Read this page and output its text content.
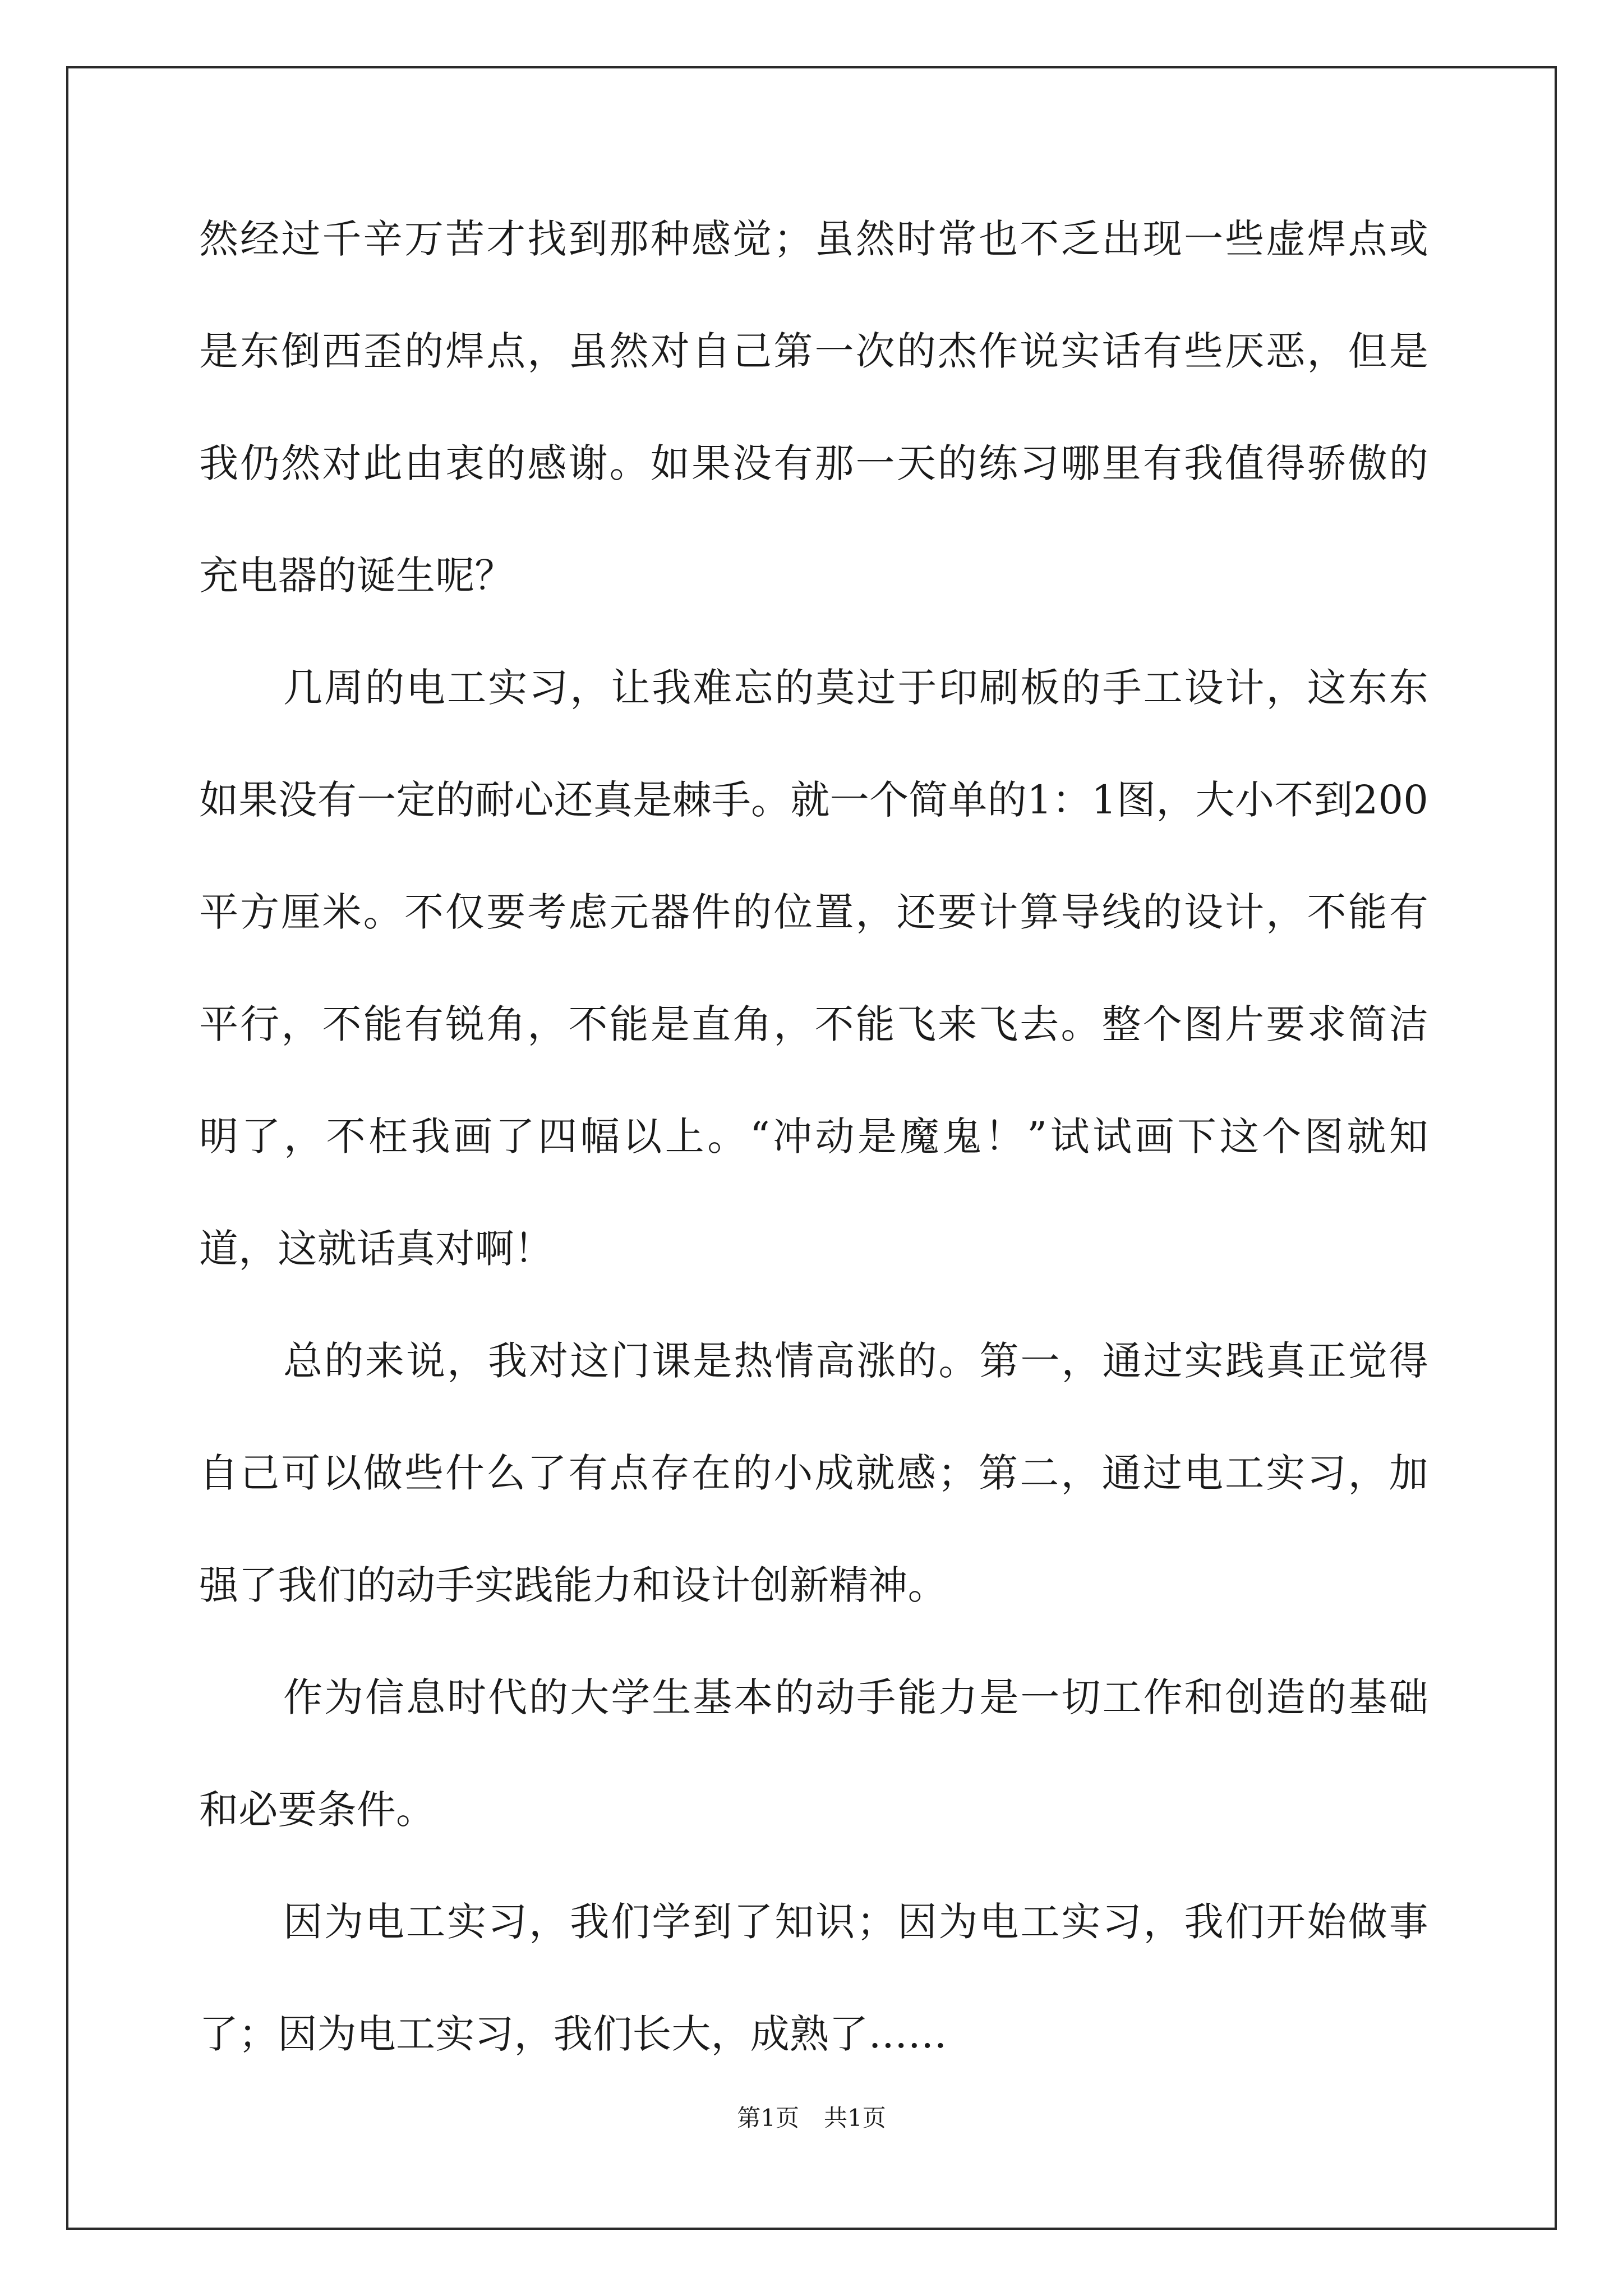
然经过千辛万苦才找到那种感觉；虽然时常也不乏出现一些虚焊点或
是东倒西歪的焊点，虽然对自己第一次的杰作说实话有些厌恶，但是
我仍然对此由衷的感谢。如果没有那一天的练习哪里有我值得骄傲的
充电器的诞生呢？
几周的电工实习，让我难忘的莫过于印刷板的手工设计，这东东
如果没有一定的耐心还真是棘手。就一个简单的1：1图，大小不到200
平方厘米。不仅要考虑元器件的位置，还要计算导线的设计，不能有
平行，不能有锐角，不能是直角，不能飞来飞去。整个图片要求简洁
明了，不枉我画了四幅以上。“冲动是魔鬼！”试试画下这个图就知
道，这就话真对啊！
总的来说，我对这门课是热情高涨的。第一，通过实践真正觉得
自己可以做些什么了有点存在的小成就感；第二，通过电工实习，加
强了我们的动手实践能力和设计创新精神。
作为信息时代的大学生基本的动手能力是一切工作和创造的基础
和必要条件。
因为电工实习，我们学到了知识；因为电工实习，我们开始做事
了；因为电工实习，我们长大，成熟了……
第1页 共1页
